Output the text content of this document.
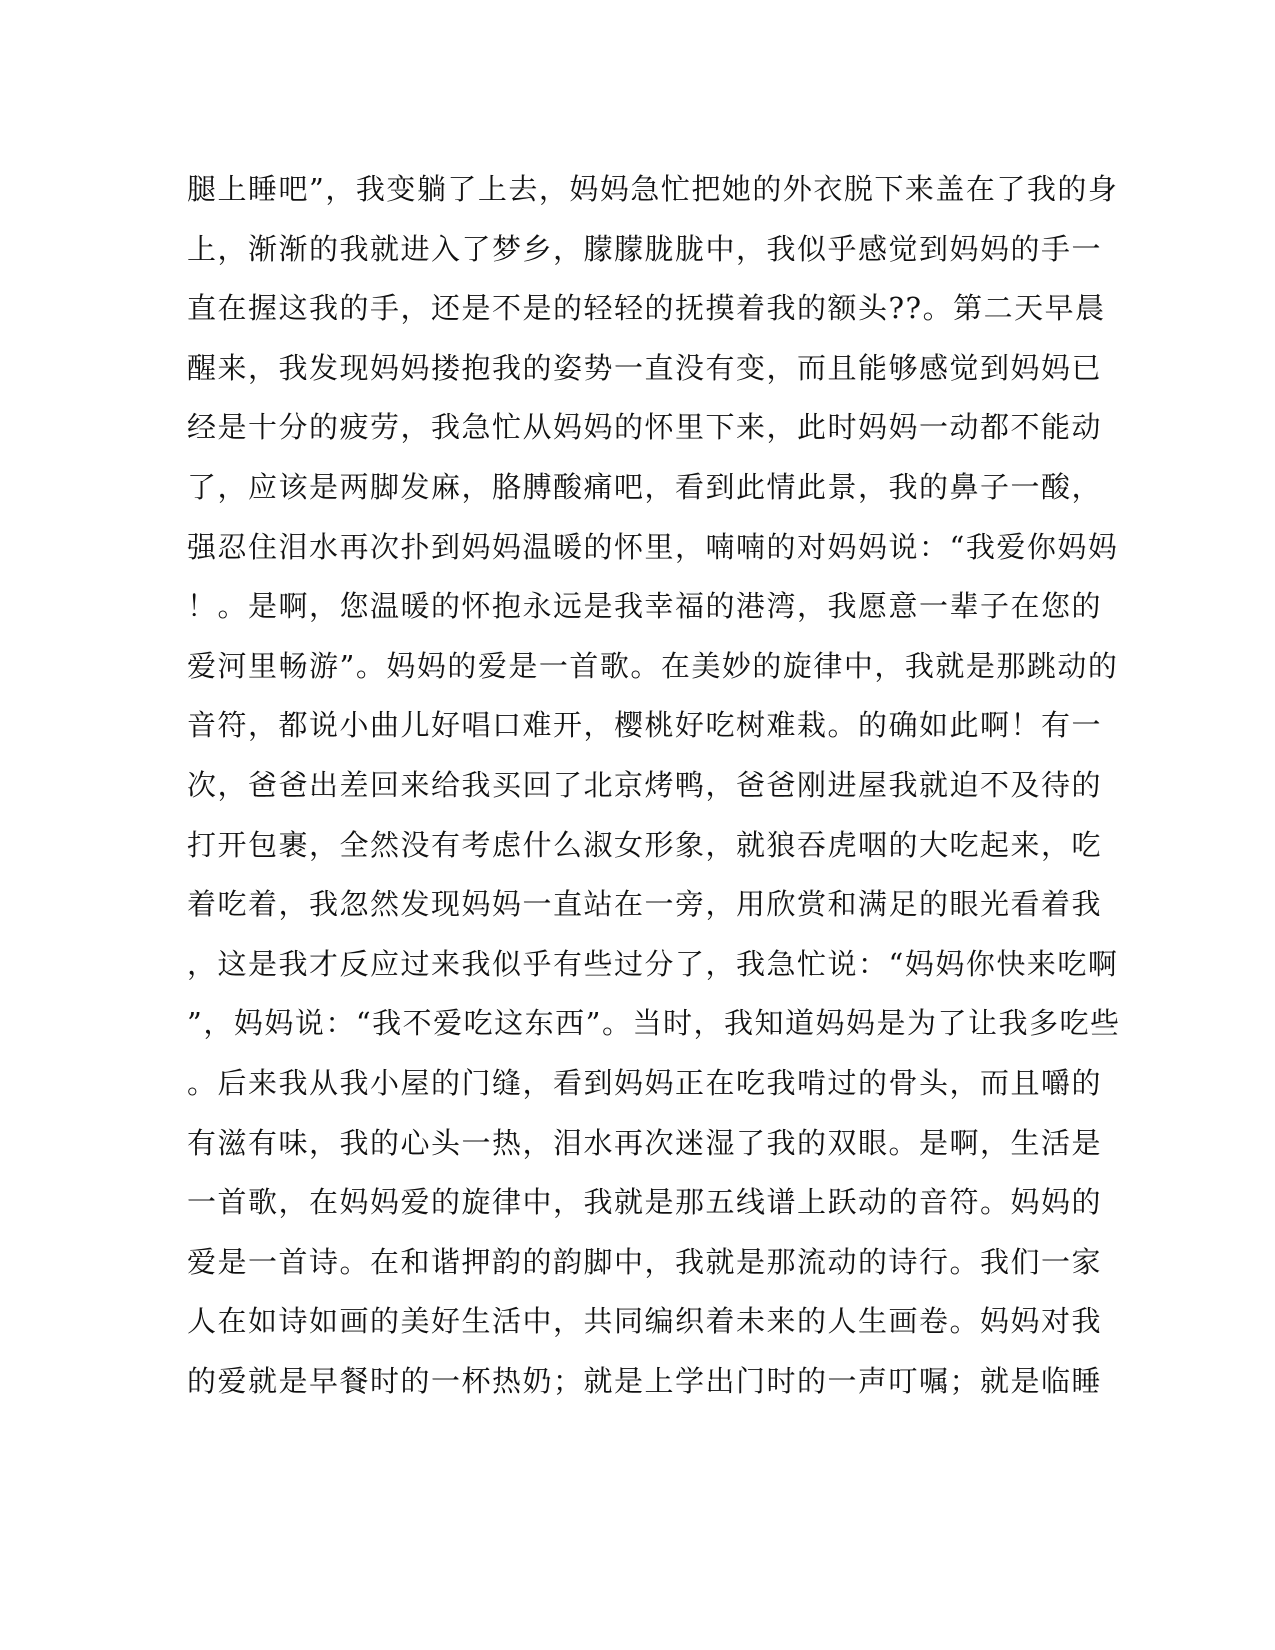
腿上睡吧”，我变躺了上去，妈妈急忙把她的外衣脱下来盖在了我的身
上，渐渐的我就进入了梦乡，朦朦胧胧中，我似乎感觉到妈妈的手一
直在握这我的手，还是不是的轻轻的抚摸着我的额头??。第二天早晨
醒来，我发现妈妈搂抱我的姿势一直没有变，而且能够感觉到妈妈已
经是十分的疲劳，我急忙从妈妈的怀里下来，此时妈妈一动都不能动
了，应该是两脚发麻，胳膊酸痛吧，看到此情此景，我的鼻子一酸，
强忍住泪水再次扑到妈妈温暖的怀里，喃喃的对妈妈说：“我爱你妈妈
！。是啊，您温暖的怀抱永远是我幸福的港湾，我愿意一辈子在您的
爱河里畅游”。妈妈的爱是一首歌。在美妙的旋律中，我就是那跳动的
音符，都说小曲儿好唱口难开，樱桃好吃树难栽。的确如此啊！有一
次，爸爸出差回来给我买回了北京烤鸭，爸爸刚进屋我就迫不及待的
打开包裹，全然没有考虑什么淑女形象，就狼吞虎咽的大吃起来，吃
着吃着，我忽然发现妈妈一直站在一旁，用欣赏和满足的眼光看着我
，这是我才反应过来我似乎有些过分了，我急忙说：“妈妈你快来吃啊
”，妈妈说：“我不爱吃这东西”。当时，我知道妈妈是为了让我多吃些
。后来我从我小屋的门缝，看到妈妈正在吃我啃过的骨头，而且嚼的
有滋有味，我的心头一热，泪水再次迷湿了我的双眼。是啊，生活是
一首歌，在妈妈爱的旋律中，我就是那五线谱上跃动的音符。妈妈的
爱是一首诗。在和谐押韵的韵脚中，我就是那流动的诗行。我们一家
人在如诗如画的美好生活中，共同编织着未来的人生画卷。妈妈对我
的爱就是早餐时的一杯热奶；就是上学出门时的一声叮嘱；就是临睡
